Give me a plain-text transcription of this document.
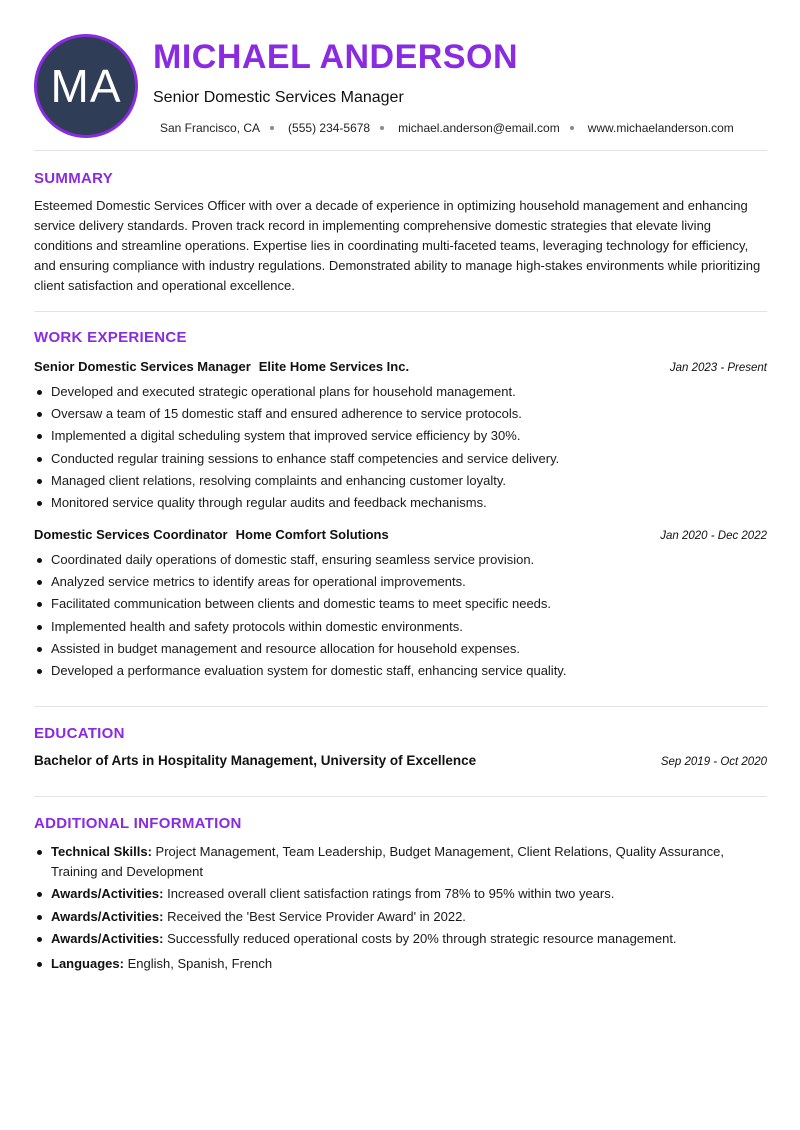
MA
MICHAEL ANDERSON
Senior Domestic Services Manager
San Francisco, CA (555) 234-5678 michael.anderson@email.com www.michaelanderson.com
SUMMARY

Esteemed Domestic Services Officer with over a decade of experience in optimizing household management and enhancing service delivery standards. Proven track record in implementing comprehensive domestic strategies that elevate living conditions and streamline operations. Expertise lies in coordinating multi-faceted teams, leveraging technology for efficiency, and ensuring compliance with industry regulations. Demonstrated ability to manage high-stakes environments while prioritizing client satisfaction and operational excellence.

WORK EXPERIENCE
Senior Domestic Services Manager Elite Home Services Inc.	Jan 2023 - Present
Developed and executed strategic operational plans for household management.
Oversaw a team of 15 domestic staff and ensured adherence to service protocols.
Implemented a digital scheduling system that improved service efficiency by 30%.
Conducted regular training sessions to enhance staff competencies and service delivery.
Managed client relations, resolving complaints and enhancing customer loyalty.
Monitored service quality through regular audits and feedback mechanisms.
Domestic Services Coordinator Home Comfort Solutions	Jan 2020 - Dec 2022
Coordinated daily operations of domestic staff, ensuring seamless service provision.
Analyzed service metrics to identify areas for operational improvements.
Facilitated communication between clients and domestic teams to meet specific needs.
Implemented health and safety protocols within domestic environments.
Assisted in budget management and resource allocation for household expenses.
Developed a performance evaluation system for domestic staff, enhancing service quality.
EDUCATION
Bachelor of Arts in Hospitality Management, University of Excellence	Sep 2019 - Oct 2020
ADDITIONAL INFORMATION
Technical Skills: Project Management, Team Leadership, Budget Management, Client Relations, Quality Assurance, Training and Development
Awards/Activities: Increased overall client satisfaction ratings from 78% to 95% within two years.
Awards/Activities: Received the 'Best Service Provider Award' in 2022.
Awards/Activities: Successfully reduced operational costs by 20% through strategic resource management.
Languages: English, Spanish, French
